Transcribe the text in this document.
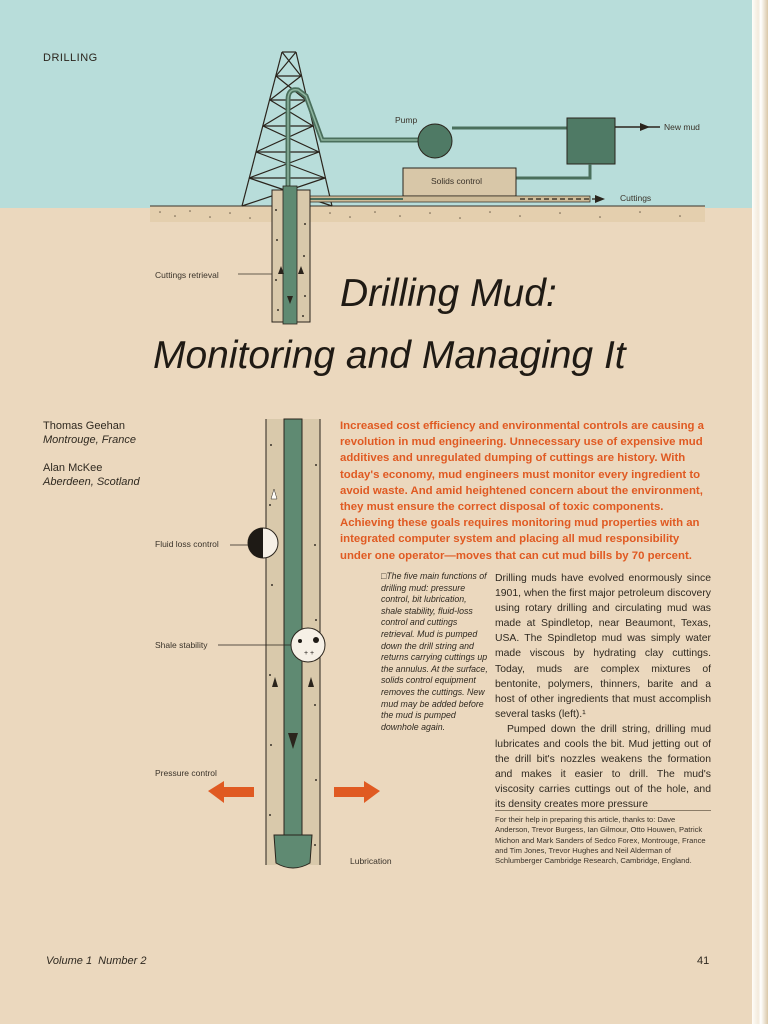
DRILLING
Pump
New mud
Solids control
Cuttings
Cuttings retrieval	Drilling Mud:
Monitoring and Managing It
Thomas Geehan
Montrouge, France
Alan McKee
Aberdeen, Scotland
+ +
Fluid loss control
Shale stability
Pressure control
Lubrication
Increased cost efficiency and environmental controls are causing a revolution in mud engineering. Unnecessary use of expensive mud additives and unregulated dumping of cuttings are history. With today's economy, mud engineers must monitor every ingredient to avoid waste. And amid heightened concern about the environment, they must ensure the correct disposal of toxic components. Achieving these goals requires monitoring mud properties with an integrated computer system and placing all mud responsibility under one operator—moves that can cut mud bills by 70 percent.
□The five main functions of drilling mud: pressure control, bit lubrication, shale stability, fluid-loss control and cuttings retrieval. Mud is pumped down the drill string and returns carrying cuttings up the annulus. At the surface, solids control equipment removes the cuttings. New mud may be added before the mud is pumped downhole again.

Drilling muds have evolved enormously since 1901, when the first major petroleum discovery using rotary drilling and circulating mud was made at Spindletop, near Beaumont, Texas, USA. The Spindletop mud was simply water made viscous by hydrating clay cuttings. Today, muds are complex mixtures of bentonite, polymers, thinners, barite and a host of other ingredients that must accomplish several tasks (left).¹

Pumped down the drill string, drilling mud lubricates and cools the bit. Mud jetting out of the drill bit's nozzles weakens the formation and makes it easier to drill. The mud's viscosity carries cuttings out of the hole, and its density creates more pressure

For their help in preparing this article, thanks to: Dave Anderson, Trevor Burgess, Ian Gilmour, Otto Houwen, Patrick Michon and Mark Sanders of Sedco Forex, Montrouge, France and Tim Jones, Trevor Hughes and Neil Alderman of Schlumberger Cambridge Research, Cambridge, England.
Volume 1  Number 2	41
